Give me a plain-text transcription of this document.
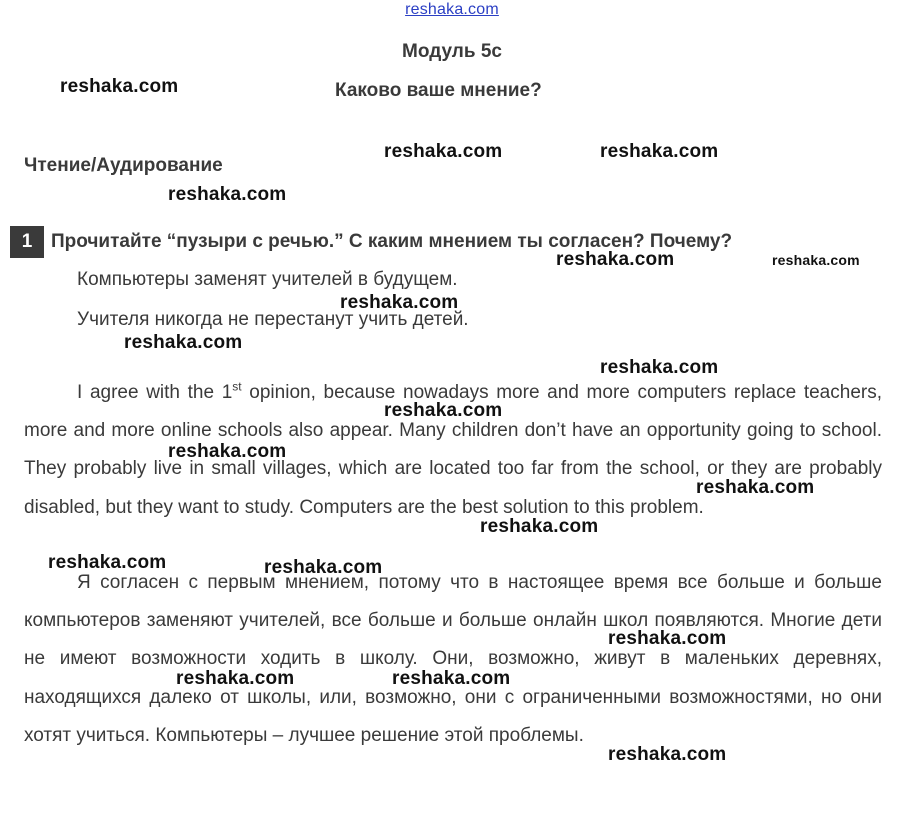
reshaka.com
Модуль 5c
Каково ваше мнение?
Чтение/Аудирование
1 Прочитайте “пузыри с речью.” С каким мнением ты согласен? Почему?
Компьютеры заменят учителей в будущем.
Учителя никогда не перестанут учить детей.

I agree with the 1st opinion, because nowadays more and more computers replace teachers, more and more online schools also appear. Many children don’t have an opportunity going to school. They probably live in small villages, which are located too far from the school, or they are probably disabled, but they want to study. Computers are the best solution to this problem.

Я согласен с первым мнением, потому что в настоящее время все больше и больше компьютеров заменяют учителей, все больше и больше онлайн школ появляются. Многие дети не имеют возможности ходить в школу. Они, возможно, живут в маленьких деревнях, находящихся далеко от школы, или, возможно, они с ограниченными возможностями, но они хотят учиться. Компьютеры – лучшее решение этой проблемы.

reshaka.com
reshaka.com	reshaka.com
reshaka.com
reshaka.com	reshaka.com
reshaka.com
reshaka.com
reshaka.com
reshaka.com
reshaka.com
reshaka.com
reshaka.com
reshaka.com	reshaka.com
reshaka.com
reshaka.com	reshaka.com
reshaka.com
